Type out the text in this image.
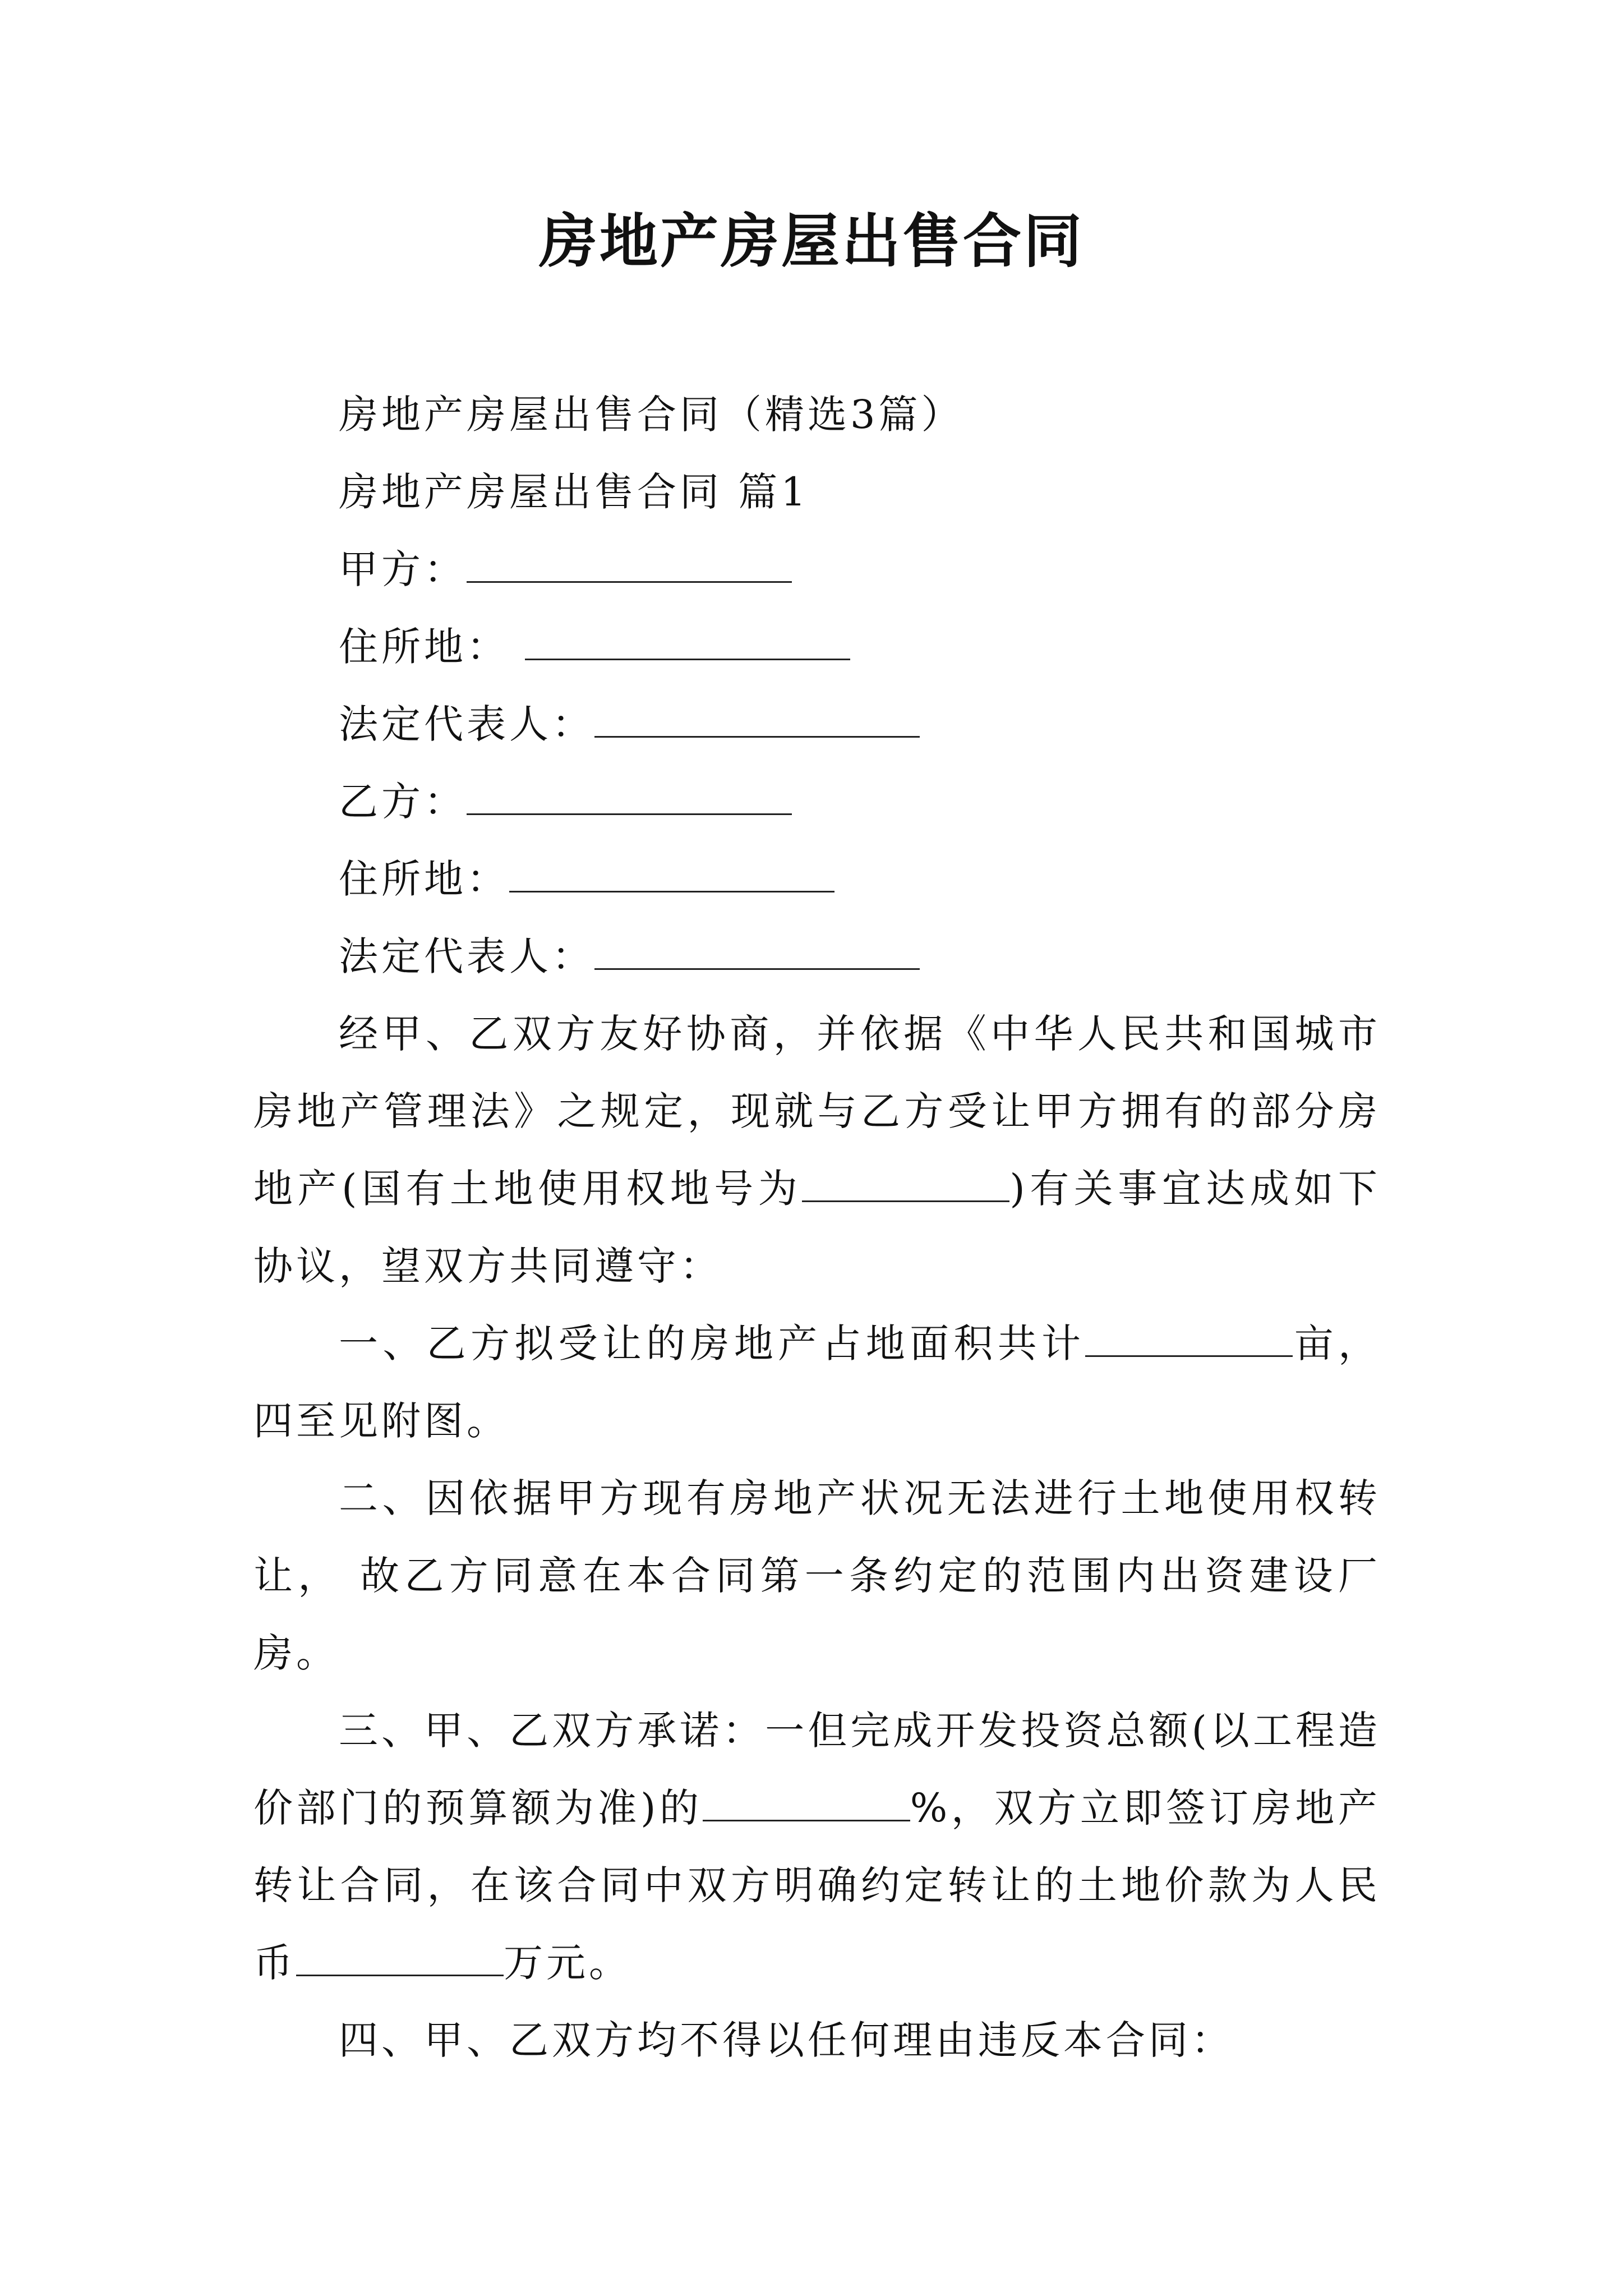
房地产房屋出售合同

房地产房屋出售合同（精选3篇）

房地产房屋出售合同 篇1

甲方：

住所地：

法定代表人：

乙方：

住所地：

法定代表人：

经甲、乙双方友好协商，并依据《中华人民共和国城市房地产管理法》之规定，现就与乙方受让甲方拥有的部分房地产(国有土地使用权地号为	)有关事宜达成如下协议，望双方共同遵守：

一、乙方拟受让的房地产占地面积共计	亩，四至见附图。

二、因依据甲方现有房地产状况无法进行土地使用权转让， 故乙方同意在本合同第一条约定的范围内出资建设厂房。

三、甲、乙双方承诺：一但完成开发投资总额(以工程造价部门的预算额为准)的	%，双方立即签订房地产转让合同，在该合同中双方明确约定转让的土地价款为人民币	万元。

四、甲、乙双方均不得以任何理由违反本合同：
